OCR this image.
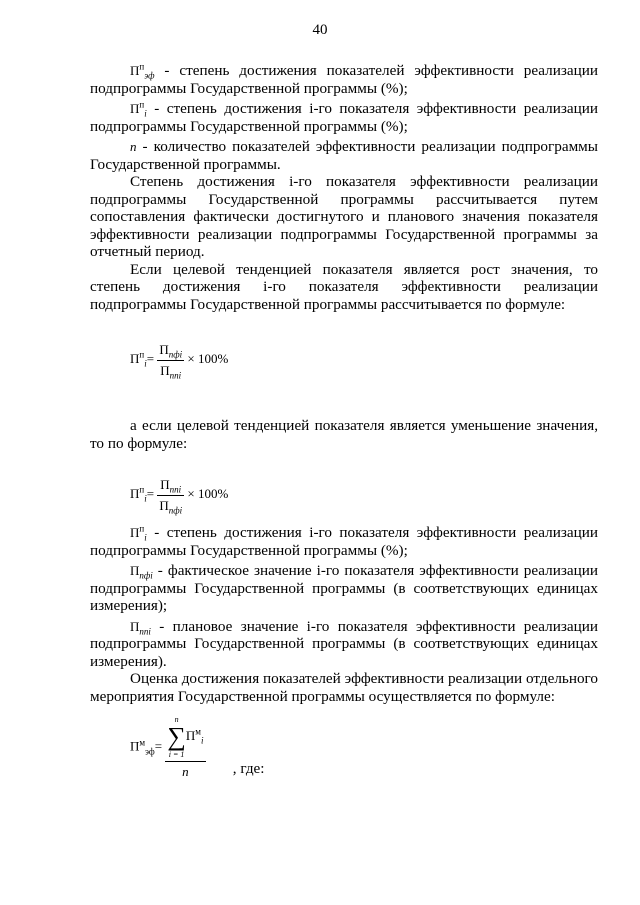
40

$П^п_{эф}$ - степень достижения показателей эффективности реализации подпрограммы Государственной программы (%);

$П^п_i$ - степень достижения i-го показателя эффективности реализации подпрограммы Государственной программы (%);

n - количество показателей эффективности реализации подпрограммы Государственной программы.

Степень достижения i-го показателя эффективности реализации подпрограммы Государственной программы рассчитывается путем сопоставления фактически достигнутого и планового значения показателя эффективности реализации подпрограммы Государственной программы за отчетный период.

Если целевой тенденцией показателя является рост значения, то степень достижения i-го показателя эффективности реализации подпрограммы Государственной программы рассчитывается по формуле:

$П^п_i= \frac{П_{пфi}}{П_{ппi}} \times 100\%$

а если целевой тенденцией показателя является уменьшение значения, то по формуле:

$П^п_i= \frac{П_{ппi}}{П_{пфi}} \times 100\%$

$П^п_i$ - степень достижения i-го показателя эффективности реализации подпрограммы Государственной программы (%);

$П_{пфi}$ - фактическое значение i-го показателя эффективности реализации подпрограммы Государственной программы (в соответствующих единицах измерения);

$П_{ппi}$ - плановое значение i-го показателя эффективности реализации подпрограммы Государственной программы (в соответствующих единицах измерения).

Оценка достижения показателей эффективности реализации отдельного мероприятия Государственной программы осуществляется по формуле:

$П^м_{эф}= n$
∑
i = 1
$П^м_i$
n , где:
